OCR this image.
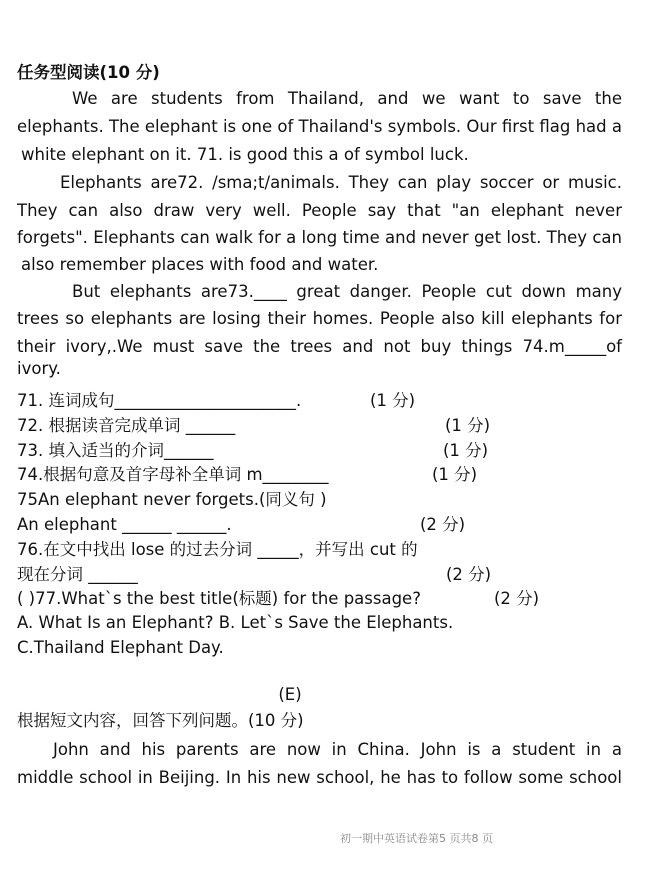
任务型阅读(10 分)
We are students from Thailand, and we want to save the
elephants. The elephant is one of Thailand's symbols. Our first flag had a
white elephant on it. 71. is good this a of symbol luck.
Elephants are72. /sma;t/animals. They can play soccer or music.
They can also draw very well. People say that "an elephant never
forgets". Elephants can walk for a long time and never get lost. They can
also remember places with food and water.
But elephants are73.____ great danger. People cut down many
trees so elephants are losing their homes. People also kill elephants for
their ivory,.We must save the trees and not buy things 74.m_____of ivory.
71. 连词成句______________________.	(1 分)
72. 根据读音完成单词 ______	(1 分)
73. 填入适当的介词______	(1 分)
74.根据句意及首字母补全单词 m________	(1 分)
75An elephant never forgets.(同义句 )
An elephant ______ ______.	(2 分)
76.在文中找出 lose 的过去分词 _____，并写出 cut 的
现在分词 ______	(2 分)
( )77.What`s the best title(标题) for the passage?	(2 分)
A. What Is an Elephant? B. Let`s Save the Elephants.
C.Thailand Elephant Day.
(E)
根据短文内容，回答下列问题。(10 分)
John and his parents are now in China. John is a student in a
middle school in Beijing. In his new school, he has to follow some school
初一期中英语试卷第5 页共8 页
